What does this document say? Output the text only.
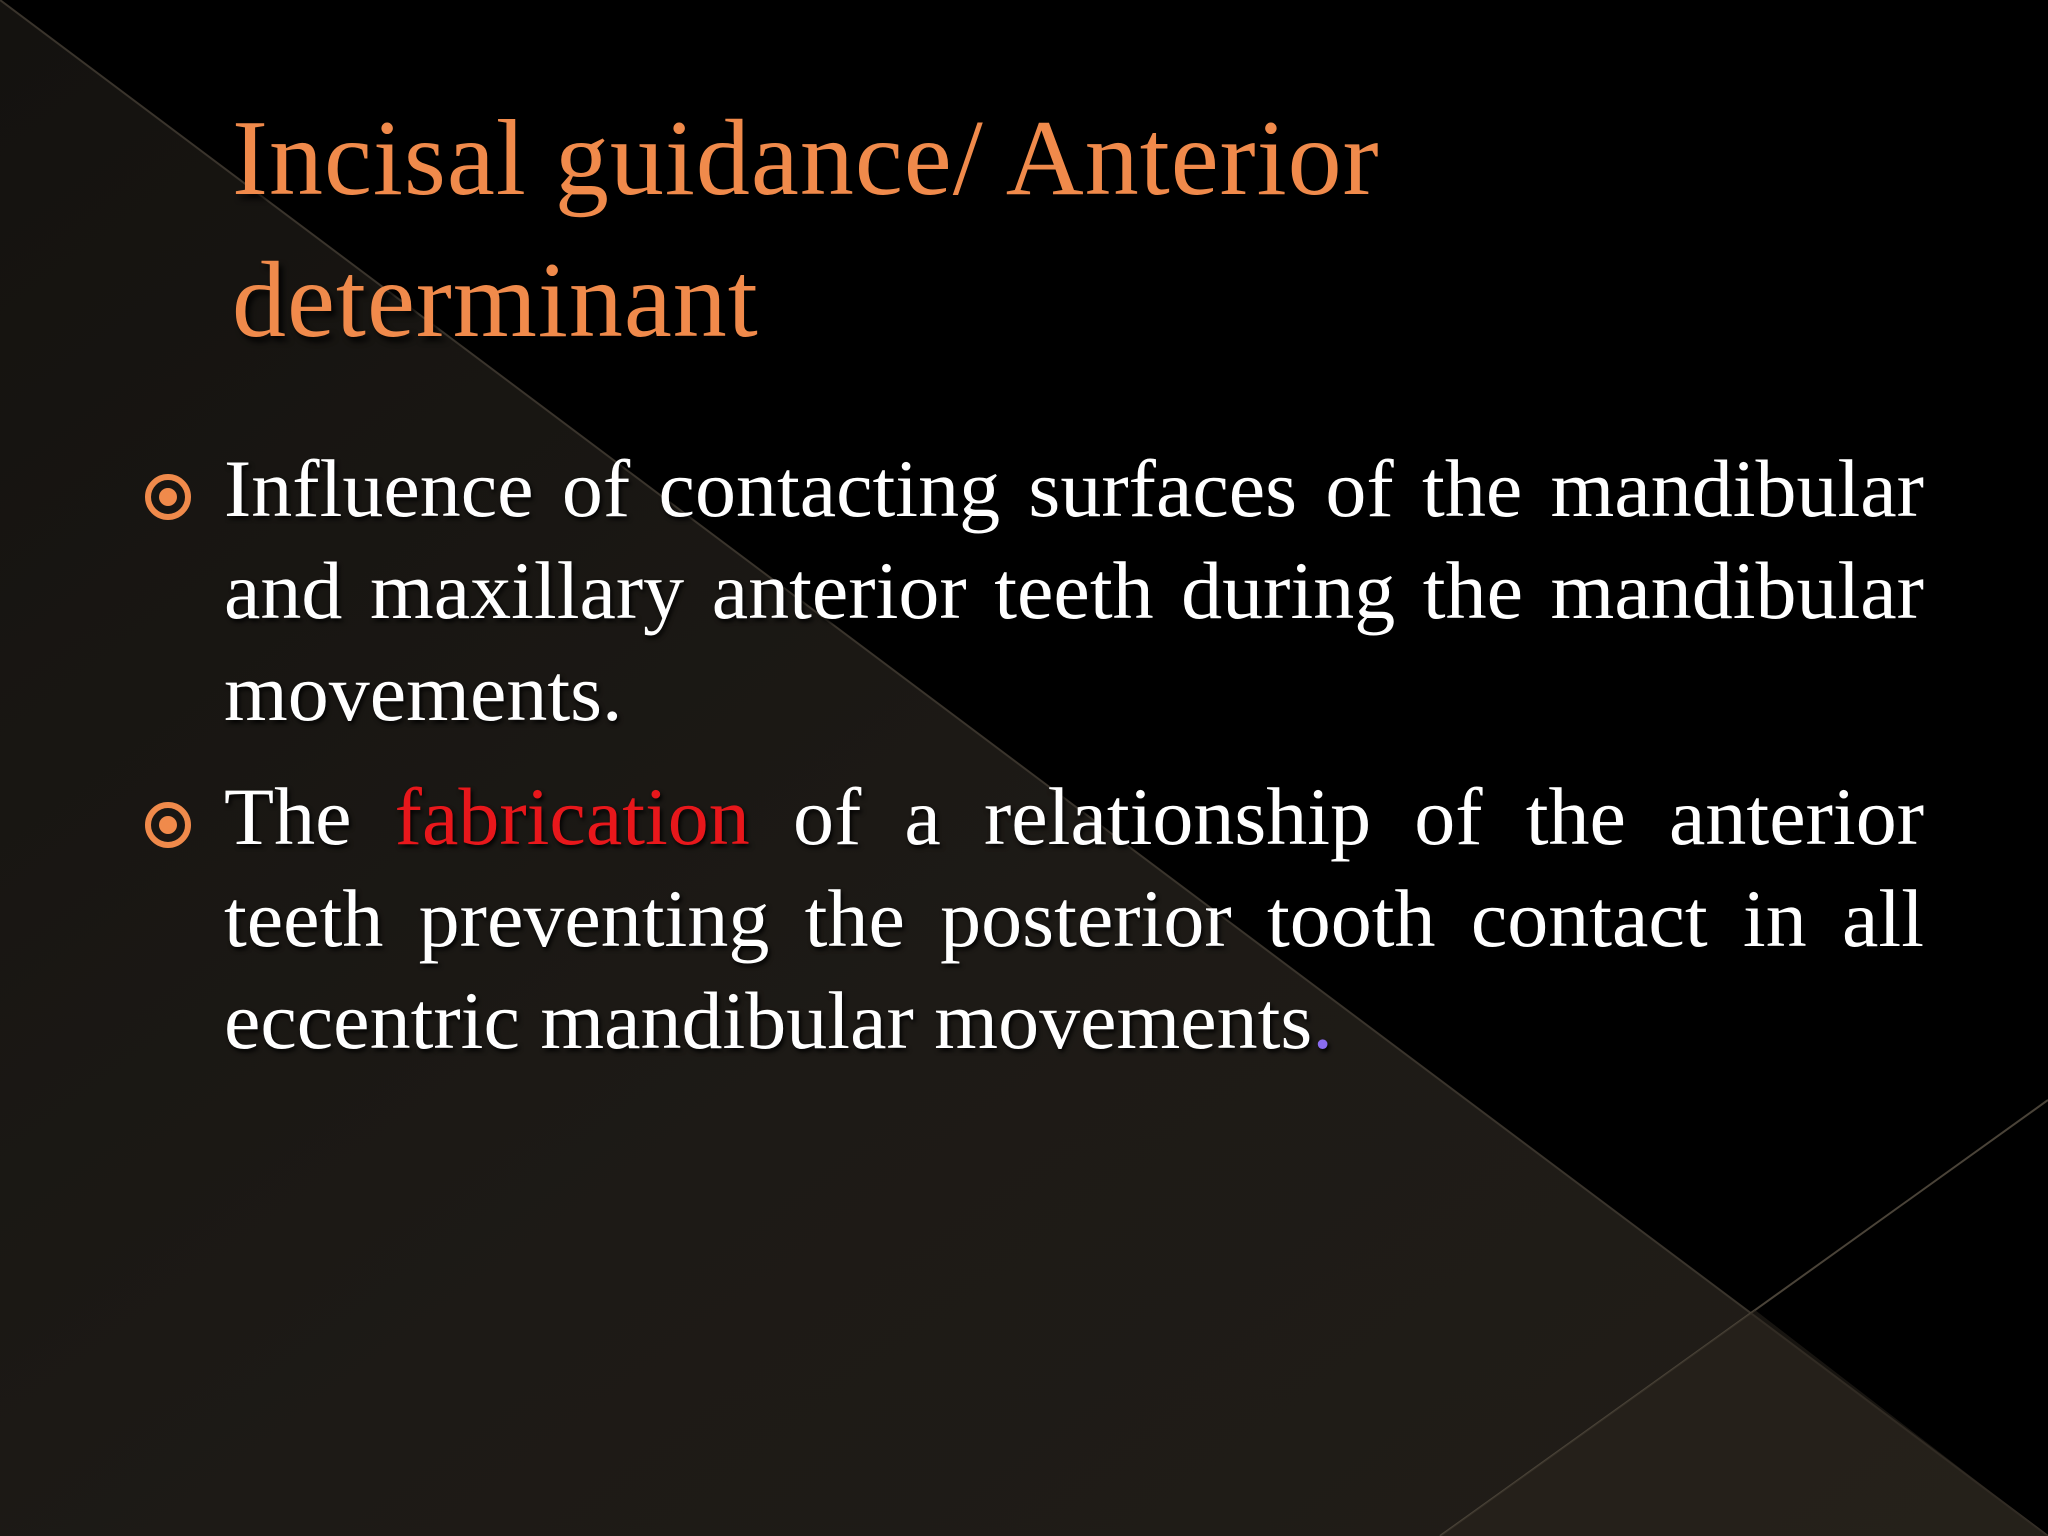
Incisal guidance/ Anterior
determinant
Influence of contacting surfaces of the mandibular and maxillary anterior teeth during the mandibular movements.
The fabrication of a relationship of the anterior teeth preventing the posterior tooth contact in all eccentric mandibular movements.
